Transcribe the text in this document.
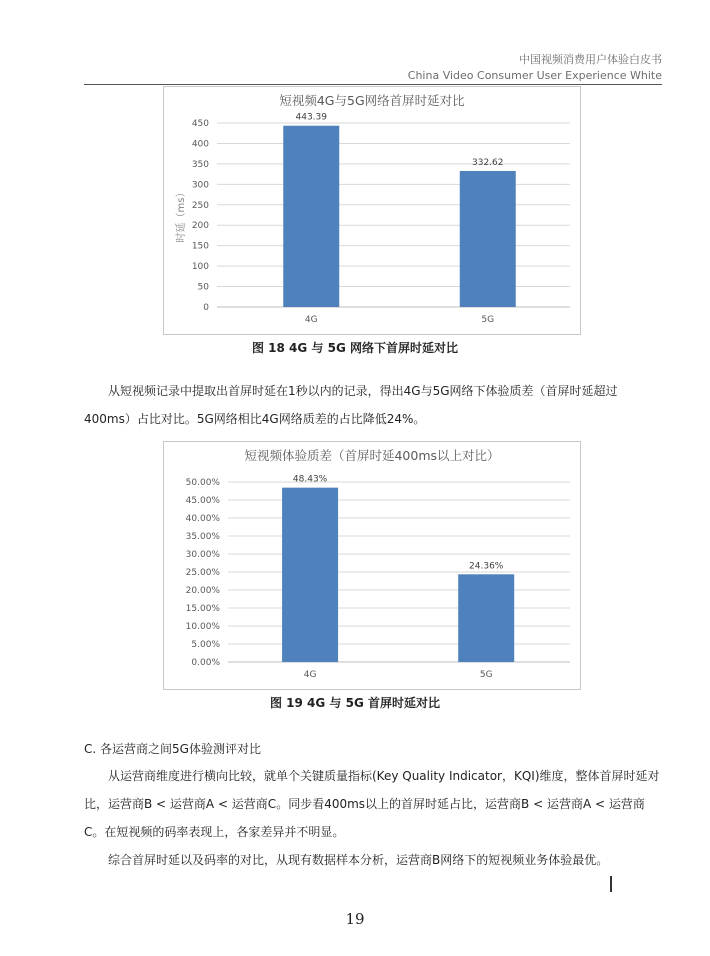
中国视频消费用户体验白皮书
China Video Consumer User Experience White
短视频4G与5G网络首屏时延对比
0
50
100
150
200
250
300
350
400
450
时延（ms）
443.39
4G
332.62
5G
图 18 4G 与 5G 网络下首屏时延对比
从短视频记录中提取出首屏时延在1秒以内的记录，得出4G与5G网络下体验质差（首屏时延超过400ms）占比对比。5G网络相比4G网络质差的占比降低24%。
短视频体验质差（首屏时延400ms以上对比）
0.00%
5.00%
10.00%
15.00%
20.00%
25.00%
30.00%
35.00%
40.00%
45.00%
50.00%	48.43%
4G
24.36%
5G
图 19 4G 与 5G 首屏时延对比
C. 各运营商之间5G体验测评对比
从运营商维度进行横向比较，就单个关键质量指标(Key Quality Indicator，KQI)维度，整体首屏时延对比，运营商B < 运营商A < 运营商C。同步看400ms以上的首屏时延占比，运营商B < 运营商A < 运营商C。在短视频的码率表现上，各家差异并不明显。
综合首屏时延以及码率的对比，从现有数据样本分析，运营商B网络下的短视频业务体验最优。
19
